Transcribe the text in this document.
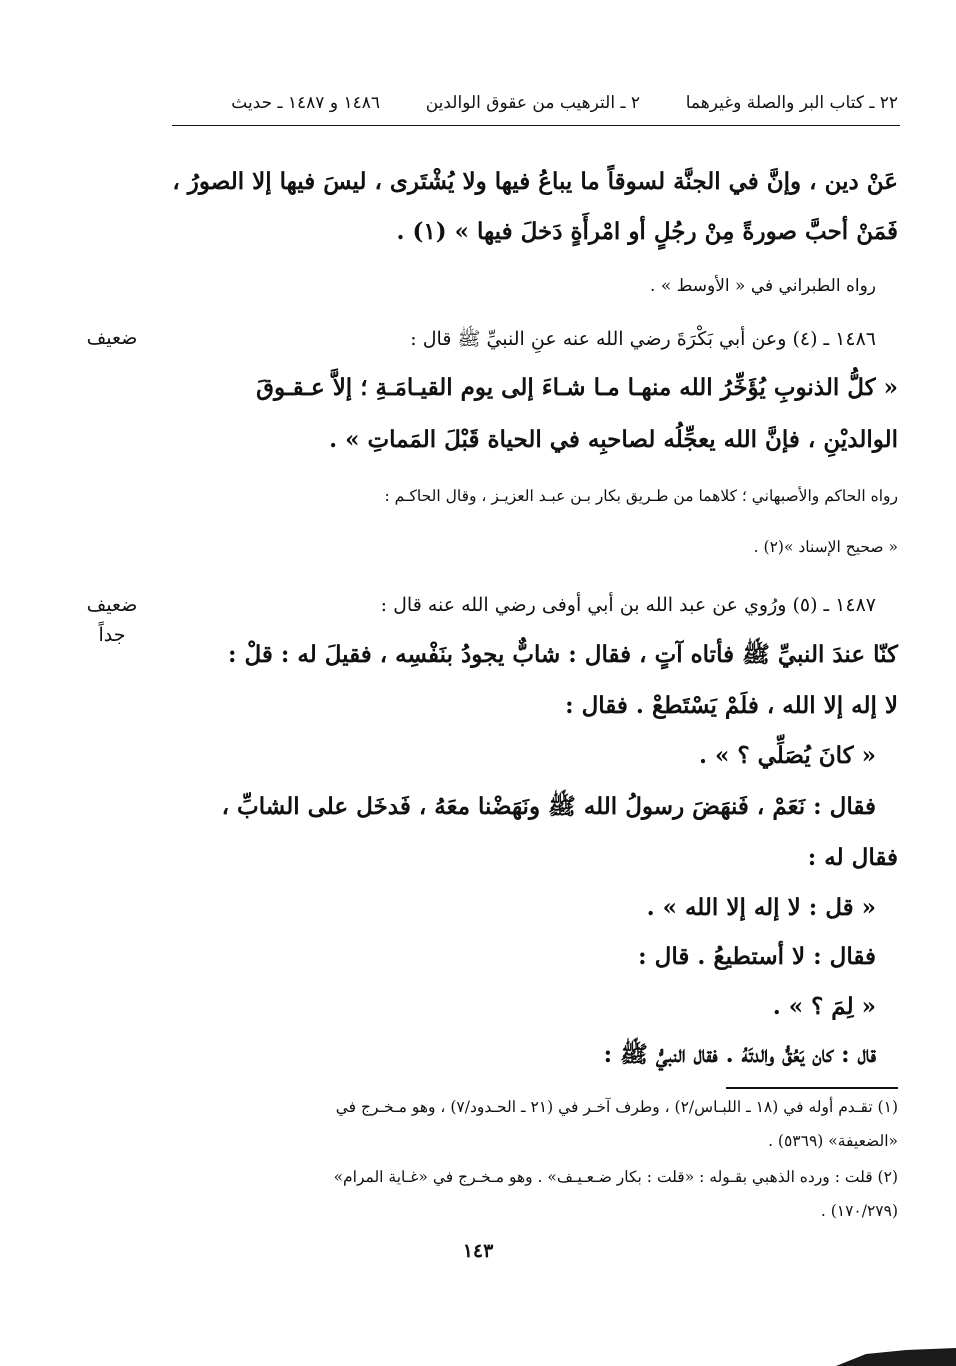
٢٢ ـ كتاب البر والصلة وغيرهما
٢ ـ الترهيب من عقوق الوالدين
١٤٨٦ و ١٤٨٧ ـ حديث
عَنْ دين ، وإنَّ في الجنَّة لسوقاً ما يباعُ فيها ولا يُشْتَرى ، ليسَ فيها إلا الصورُ ،
فَمَنْ أحبَّ صورةً مِنْ رجُلٍ أو امْرأَةٍ دَخلَ فيها » (١) .
رواه الطبراني في « الأوسط » .
ضعيف	١٤٨٦ ـ (٤) وعن أبي بَكْرَةَ رضي الله عنه عنِ النبيِّ ﷺ قال :
« كلُّ الذنوبِ يُؤَخِّرُ الله منهـا مـا شـاءَ إلى يوم القيـامَـةِ ؛ إلاَّ عـقـوقَ
الوالديْنِ ، فإنَّ الله يعجِّلُه لصاحبِه في الحياة قَبْلَ المَماتِ » .
رواه الحاكم والأصبهاني ؛ كلاهما من طـريق بكار بـن عبـد العزيـز ، وقال الحاكـم :
« صحيح الإسناد »(٢) .
ضعيف
جداً
١٤٨٧ ـ (٥) ورُوي عن عبد الله بن أبي أوفى رضي الله عنه قال :
كنّا عندَ النبيِّ ﷺ فأتاه آتٍ ، فقال : شابٌّ يجودُ بنَفْسِه ، فقيلَ له : قلْ :
لا إله إلا الله ، فلَمْ يَسْتَطعْ . فقال :
« كانَ يُصَلِّي ؟ » .
فقال : نَعَمْ ، فَنهَضَ رسولُ الله ﷺ ونَهَضْنا معَهُ ، فَدخَل على الشابِّ ،
فقال له :
« قل : لا إله إلا الله » .
فقال : لا أستطيعُ . قال :
« لِمَ ؟ » .
قال : كان يَعُقُّ والدتَهُ . فقال النبيُّ ﷺ :
(١) تقـدم أوله في (١٨ ـ اللبـاس/٢) ، وطرف آخـر في (٢١ ـ الحـدود/٧) ، وهو مـخـرج في
«الضعيفة» (٥٣٦٩) .
(٢) قلت : ورده الذهبي بقـوله : «قلت : بكار ضـعـيـف» . وهو مـخـرج في «غـاية المرام»
(١٧٠/٢٧٩) .
١٤٣
